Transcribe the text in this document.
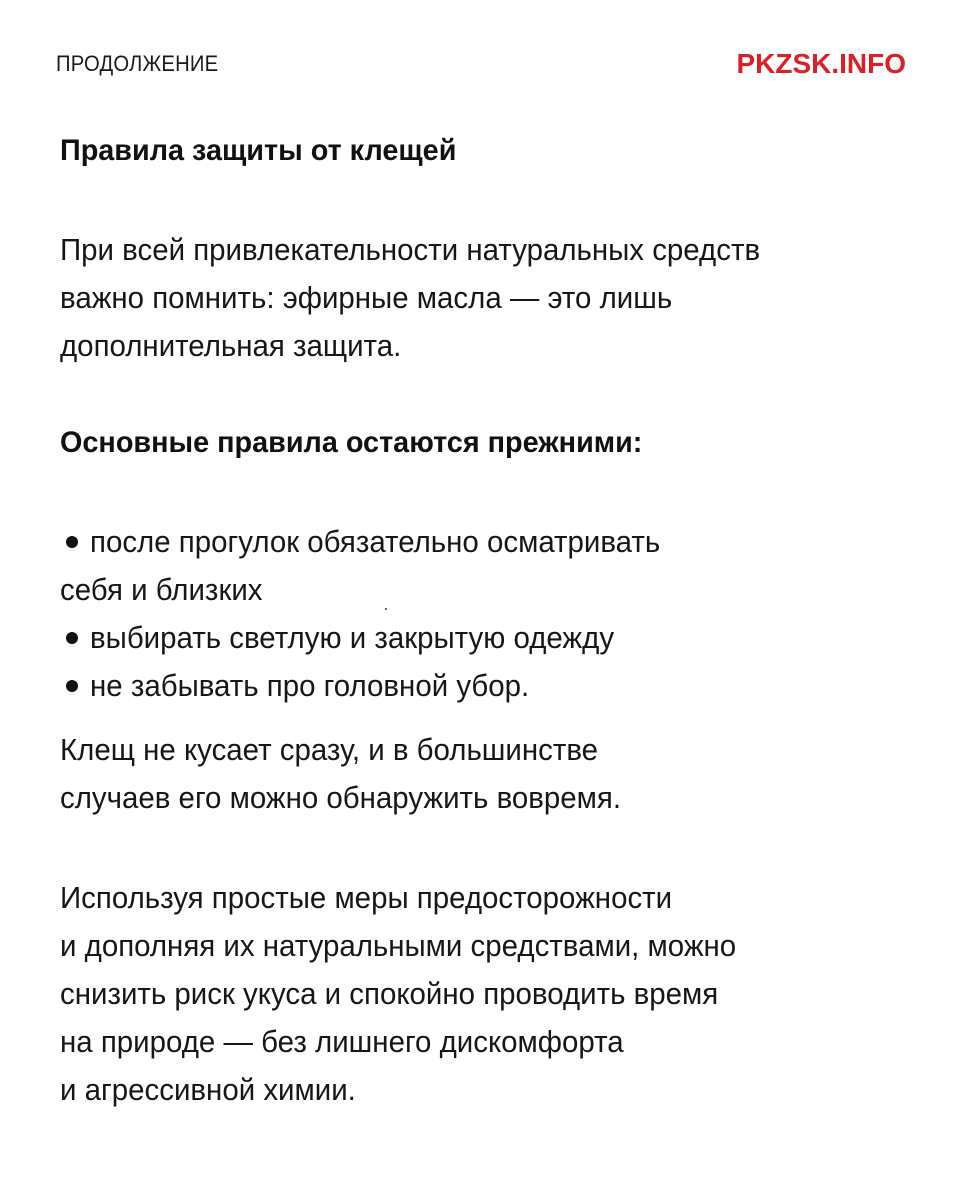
ПРОДОЛЖЕНИЕ	PKZSK.INFO
Правила защиты от клещей

При всей привлекательности натуральных средств
важно помнить: эфирные масла — это лишь
дополнительная защита.

Основные правила остаются прежними:
после прогулок обязательно осматривать
себя и близких
выбирать светлую и закрытую одежду
не забывать про головной убор.

Клещ не кусает сразу, и в большинстве
случаев его можно обнаружить вовремя.

Используя простые меры предосторожности
и дополняя их натуральными средствами, можно
снизить риск укуса и спокойно проводить время
на природе — без лишнего дискомфорта
и агрессивной химии.
